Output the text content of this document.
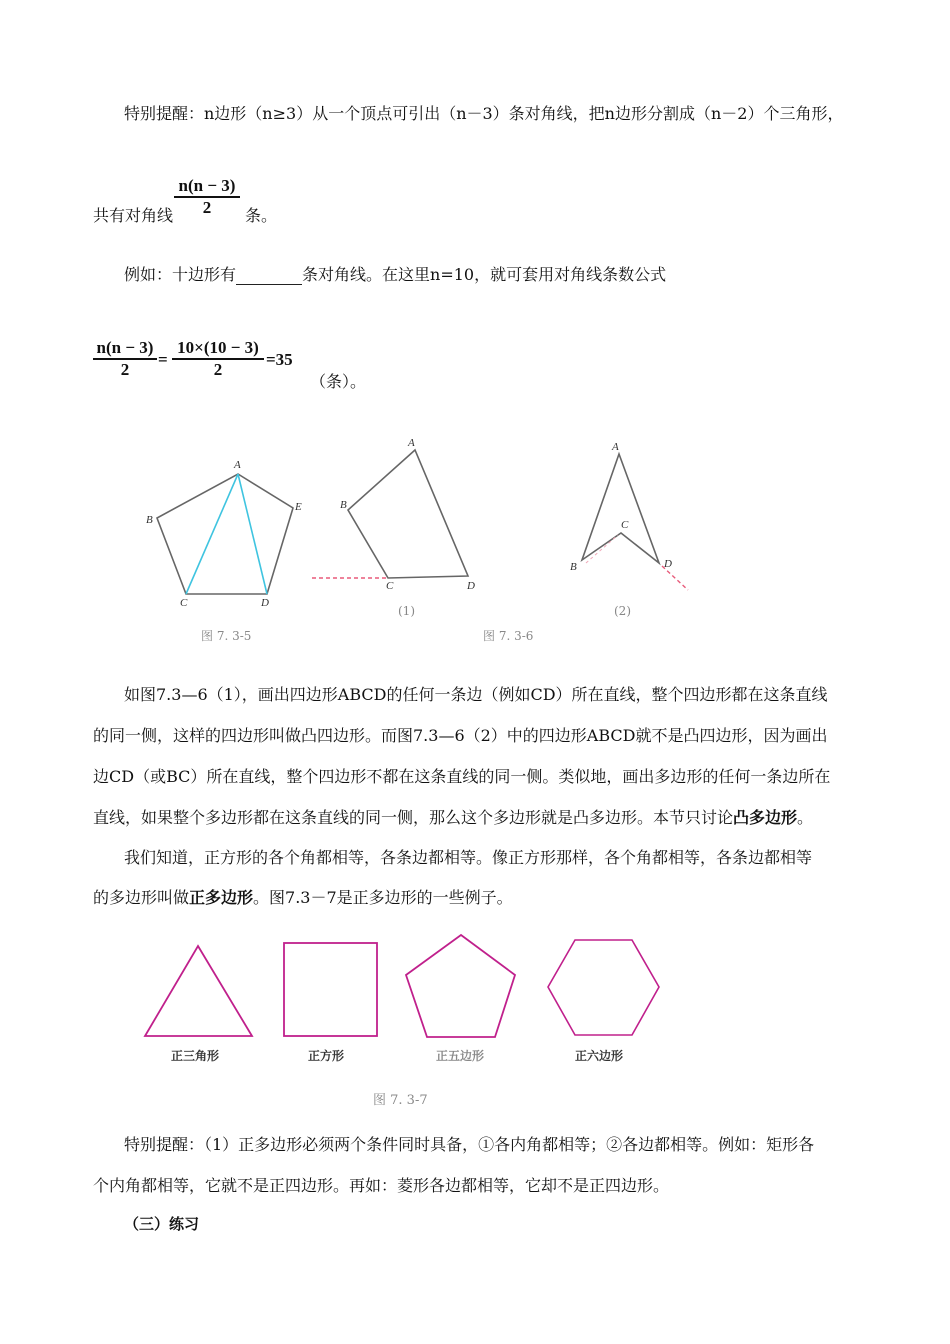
特别提醒：n边形（n≥3）从一个顶点可引出（n－3）条对角线，把n边形分割成（n－2）个三角形，
共有对角线
n(n − 3)
2	条。
例如：十边形有	条对角线。在这里n=10，就可套用对角线条数公式
n(n − 3)
2
=
10×(10 − 3)
2
=35
（条）。
A
B
C	D
E
A
B
C	D
A
B
C
D
(1)	(2)
图 7. 3-5	图 7. 3-6
如图7.3—6（1），画出四边形ABCD的任何一条边（例如CD）所在直线，整个四边形都在这条直线
的同一侧，这样的四边形叫做凸四边形。而图7.3—6（2）中的四边形ABCD就不是凸四边形，因为画出
边CD（或BC）所在直线，整个四边形不都在这条直线的同一侧。类似地，画出多边形的任何一条边所在
直线，如果整个多边形都在这条直线的同一侧，那么这个多边形就是凸多边形。本节只讨论凸多边形。
我们知道，正方形的各个角都相等，各条边都相等。像正方形那样，各个角都相等，各条边都相等
的多边形叫做正多边形。图7.3－7是正多边形的一些例子。
正三角形	正方形	正五边形	正六边形
图 7. 3-7
特别提醒：（1）正多边形必须两个条件同时具备，①各内角都相等；②各边都相等。例如：矩形各
个内角都相等，它就不是正四边形。再如：菱形各边都相等，它却不是正四边形。
（三）练习
